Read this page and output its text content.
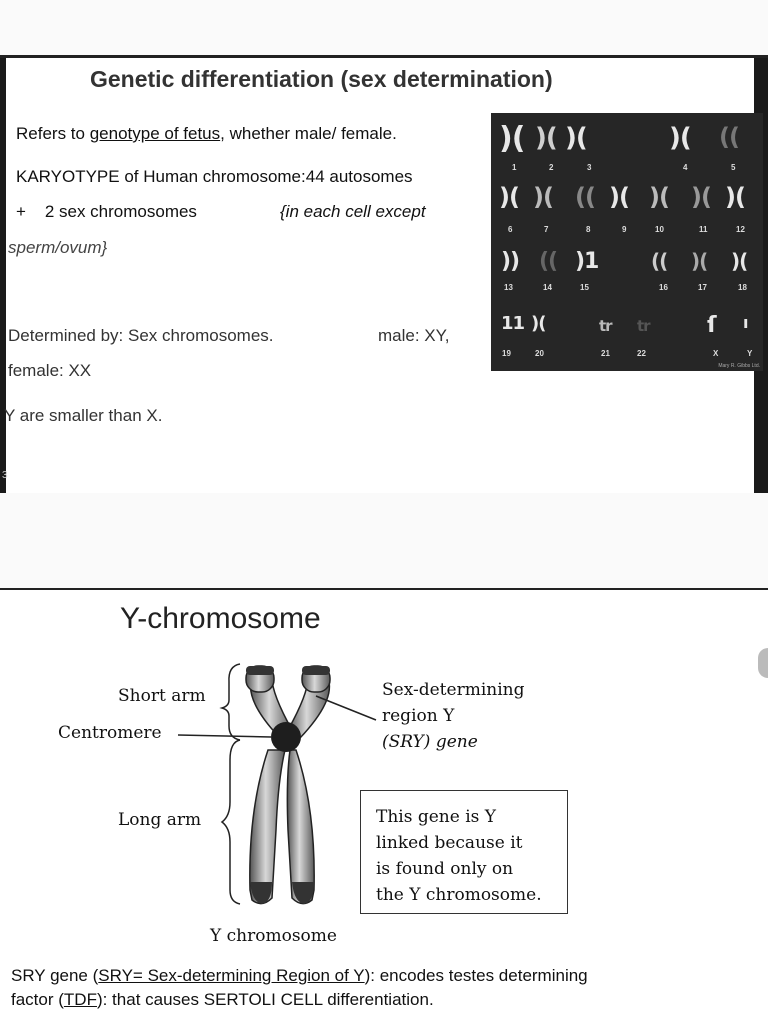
Genetic differentiation (sex determination)
Refers to genotype of fetus, whether male/ female.
KARYOTYPE of Human chromosome:44 autosomes
+    2 sex chromosomes	{in each cell except
sperm/ovum}
Determined by: Sex chromosomes.	male: XY,
female: XX
Y are smaller than X.
3
)( )( )(	)( ((
1	2	3	4	5
)( )( (( )( )( )( )(
6	7	8	9	10	11	12
)) (( )1	(( )( )(
13	14	15	16	17	18
11 )(	tr tr	ſ ı
19	20	21	22	X	Y
Mary R. Gibbs Ltd.
Y-chromosome
Short arm
Centromere
Long arm
Sex-determining
region Y
(SRY) gene
This gene is Y
linked because it
is found only on
the Y chromosome.
Y chromosome
SRY gene (SRY= Sex-determining Region of Y): encodes testes determining
factor (TDF): that causes SERTOLI CELL differentiation.
